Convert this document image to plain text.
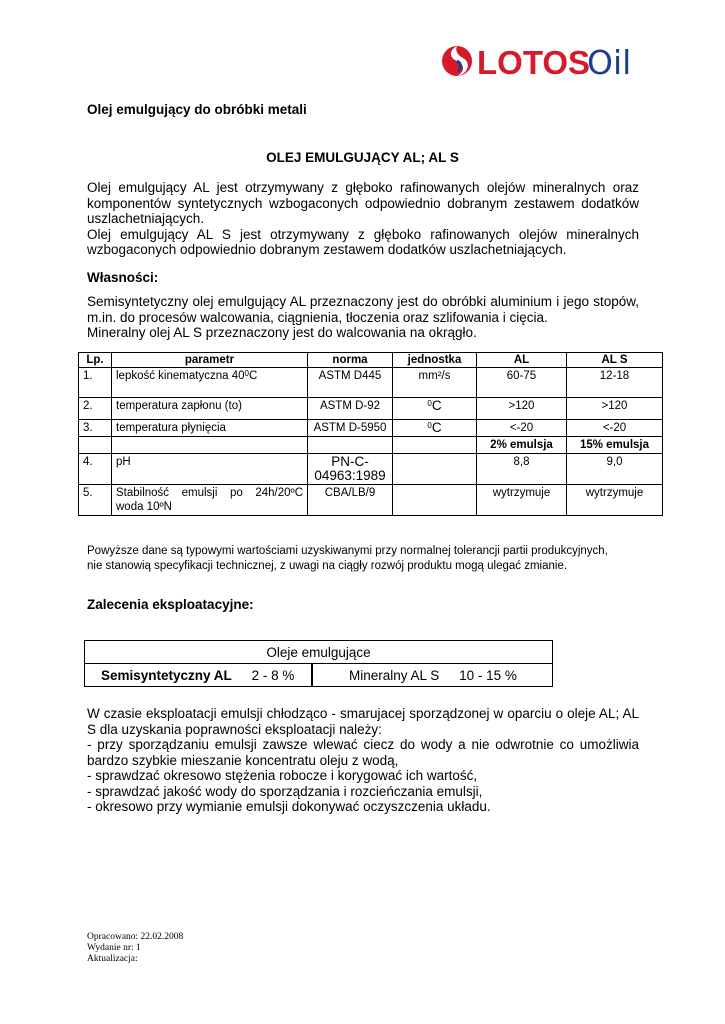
LOTOS
Oil
Olej emulgujący do obróbki metali
OLEJ EMULGUJĄCY AL; AL S

Olej emulgujący AL jest otrzymywany z głęboko rafinowanych olejów mineralnych oraz komponentów syntetycznych wzbogaconych odpowiednio dobranym zestawem dodatków uszlachetniających.

Olej emulgujący AL S jest otrzymywany z głęboko rafinowanych olejów mineralnych wzbogaconych odpowiednio dobranym zestawem dodatków uszlachetniających.

Własności:

Semisyntetyczny olej emulgujący AL przeznaczony jest do obróbki aluminium i jego stopów, m.in. do procesów walcowania, ciągnienia, tłoczenia oraz szlifowania i cięcia.

Mineralny olej AL S przeznaczony jest do walcowania na okrągło.

Lp.	parametr	norma	jednostka	AL	AL S
1.	lepkość kinematyczna $40^0C$	ASTM D445	mm²/s	60-75	12-18
2.	temperatura zapłonu (to)	ASTM D-92	$^0$C	>120	>120
3.	temperatura płynięcia	ASTM D-5950	$^0$C	<-20	<-20
				2% emulsja	15% emulsja
4.	pH	PN-C-04963:1989		8,8	9,0
5.	Stabilność emulsji po 24h/20ºC woda 10ºN	CBA/LB/9		wytrzymuje	wytrzymuje
Powyższe dane są typowymi wartościami uzyskiwanymi przy normalnej tolerancji partii produkcyjnych,
nie stanowią specyfikacji technicznej, z uwagi na ciągły rozwój produktu mogą ulegać zmianie.
Zalecenia eksploatacyjne:
Oleje emulgujące
Semisyntetyczny AL 2 - 8 %	Mineralny AL S 10 - 15 %

W czasie eksploatacji emulsji chłodząco - smarujacej sporządzonej w oparciu o oleje AL; AL S dla uzyskania poprawności eksploatacji należy:

- przy sporządzaniu emulsji zawsze wlewać ciecz do wody a nie odwrotnie co umożliwia bardzo szybkie mieszanie koncentratu oleju z wodą,

- sprawdzać okresowo stężenia robocze i korygować ich wartość,

- sprawdzać jakość wody do sporządzania i rozcieńczania emulsji,

- okresowo przy wymianie emulsji dokonywać oczyszczenia układu.

Opracowano: 22.02.2008
Wydanie nr: 1
Aktualizacja:
